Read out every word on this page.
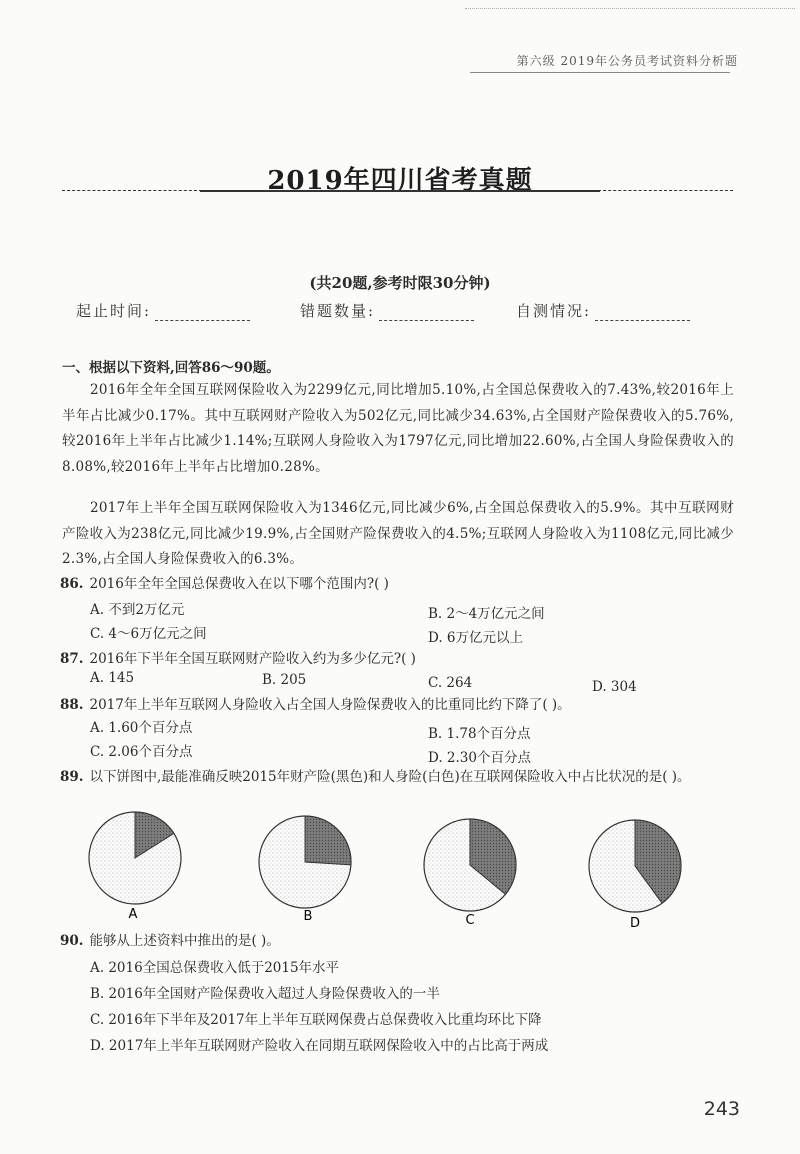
第六级 2019年公务员考试资料分析题
2019年四川省考真题
(共20题,参考时限30分钟)
起止时间:	错题数量:	自测情况:
一、根据以下资料,回答86～90题。
2016年全年全国互联网保险收入为2299亿元,同比增加5.10%,占全国总保费收入的7.43%,较2016年上半年占比减少0.17%。其中互联网财产险收入为502亿元,同比减少34.63%,占全国财产险保费收入的5.76%,较2016年上半年占比减少1.14%;互联网人身险收入为1797亿元,同比增加22.60%,占全国人身险保费收入的8.08%,较2016年上半年占比增加0.28%。
2017年上半年全国互联网保险收入为1346亿元,同比减少6%,占全国总保费收入的5.9%。其中互联网财产险收入为238亿元,同比减少19.9%,占全国财产险保费收入的4.5%;互联网人身险收入为1108亿元,同比减少2.3%,占全国人身险保费收入的6.3%。
86. 2016年全年全国总保费收入在以下哪个范围内?( )
A. 不到2万亿元	B. 2～4万亿元之间
C. 4～6万亿元之间	D. 6万亿元以上
87. 2016年下半年全国互联网财产险收入约为多少亿元?( )
A. 145	B. 205	C. 264	D. 304
88. 2017年上半年互联网人身险收入占全国人身险保费收入的比重同比约下降了( )。
A. 1.60个百分点	B. 1.78个百分点
C. 2.06个百分点	D. 2.30个百分点
89. 以下饼图中,最能准确反映2015年财产险(黑色)和人身险(白色)在互联网保险收入中占比状况的是( )。
A	B	C	D
90. 能够从上述资料中推出的是( )。
A. 2016全国总保费收入低于2015年水平
B. 2016年全国财产险保费收入超过人身险保费收入的一半
C. 2016年下半年及2017年上半年互联网保费占总保费收入比重均环比下降
D. 2017年上半年互联网财产险收入在同期互联网保险收入中的占比高于两成
243
